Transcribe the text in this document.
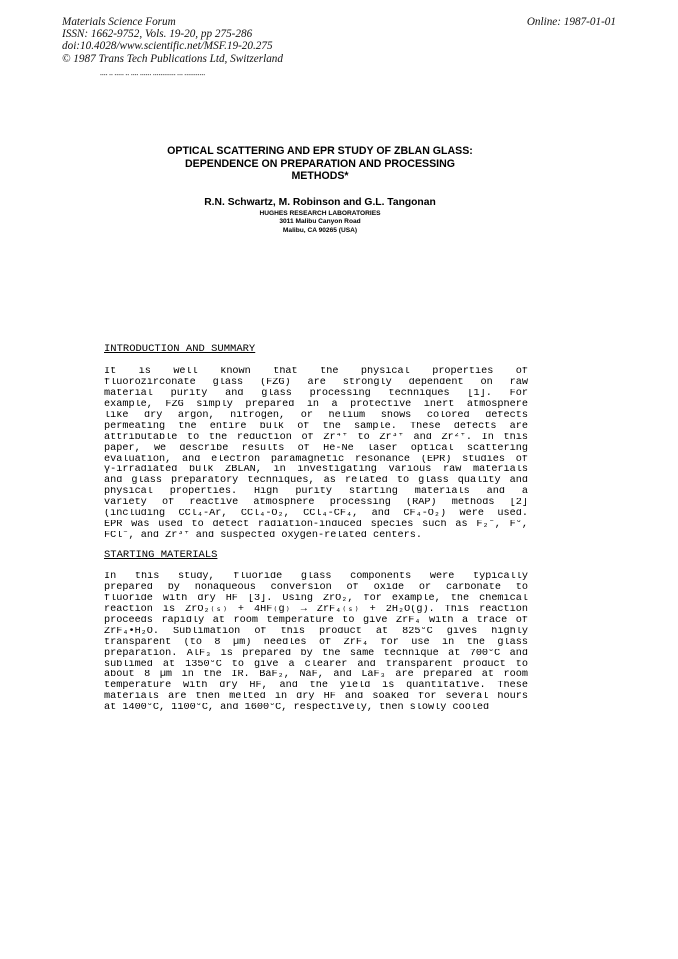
Materials Science Forum
ISSN: 1662-9752, Vols. 19-20, pp 275-286
doi:10.4028/www.scientific.net/MSF.19-20.275
© 1987 Trans Tech Publications Ltd, Switzerland
Online: 1987-01-01
▪▪▪▪ ▪▪ ▪▪▪▪▪ ▪▪ ▪▪▪▪ ▪▪▪▪▪▪ ▪▪▪▪▪▪▪▪▪▪▪▪ ▪▪▪ ▪▪▪▪▪▪▪▪▪▪▪
OPTICAL SCATTERING AND EPR STUDY OF ZBLAN GLASS:
DEPENDENCE ON PREPARATION AND PROCESSING
METHODS*
R.N. Schwartz, M. Robinson and G.L. Tangonan
HUGHES RESEARCH LABORATORIES
3011 Malibu Canyon Road
Malibu, CA 90265 (USA)
INTRODUCTION AND SUMMARY
It is well known that the physical properties of
fluorozirconate glass (FZG) are strongly dependent on raw
material purity and glass processing techniques [1]. For
example, FZG simply prepared in a protective inert atmosphere
like dry argon, nitrogen, or helium shows colored defects
permeating the entire bulk of the sample. These defects are
attributable to the reduction of Zr⁴⁺ to Zr³⁺ and Zr²⁺. In this
paper, we describe results of He-Ne laser optical scattering
evaluation, and electron paramagnetic resonance (EPR) studies of
γ-irradiated bulk ZBLAN, in investigating various raw materials
and glass preparatory techniques, as related to glass quality and
physical properties. High purity starting materials and a
variety of reactive atmosphere processing (RAP) methods [2]
(including CCl₄-Ar, CCl₄-O₂, CCl₄-CF₄, and CF₄-O₂) were used.
EPR was used to detect radiation-induced species such as F₂⁻, F°,
FCl⁻, and Zr³⁺ and suspected oxygen-related centers.
STARTING MATERIALS
In this study, fluoride glass components were typically
prepared by nonaqueous conversion of oxide or carbonate to
fluoride with dry HF [3]. Using ZrO₂, for example, the chemical
reaction is ZrO₂₍ₛ₎ + 4HF₍g₎ → ZrF₄₍ₛ₎ + 2H₂O(g). This reaction
proceeds rapidly at room temperature to give ZrF₄ with a trace of
ZrF₄•H₂O. Sublimation of this product at 825°C gives highly
transparent (to 8 µm) needles of ZrF₄ for use in the glass
preparation. AlF₃ is prepared by the same technique at 700°C and
sublimed at 1350°C to give a clearer and transparent product to
about 8 µm in the IR. BaF₂, NaF, and LaF₃ are prepared at room
temperature with dry HF, and the yield is quantitative. These
materials are then melted in dry HF and soaked for several hours
at 1400°C, 1100°C, and 1600°C, respectively, then slowly cooled
